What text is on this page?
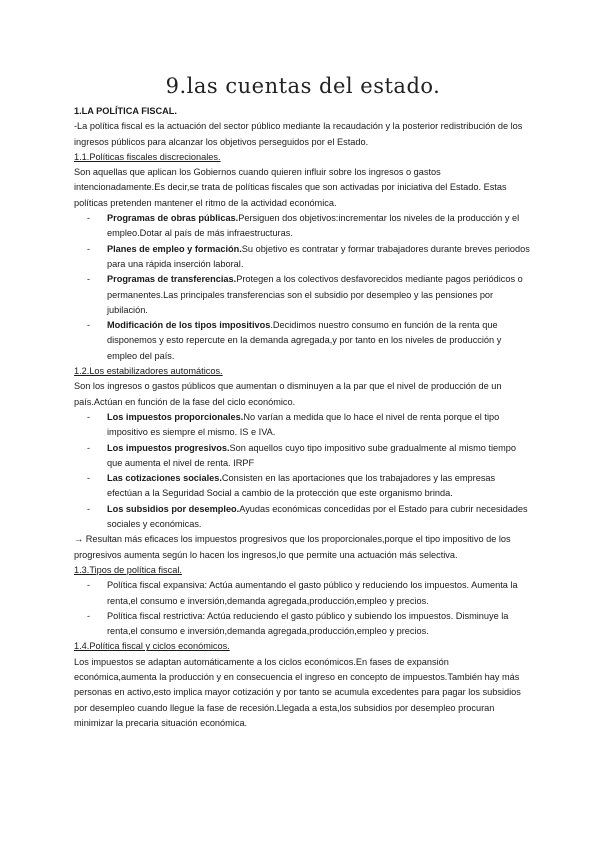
9.las cuentas del estado.

1.LA POLÍTICA FISCAL.

-La política fiscal es la actuación del sector público mediante la recaudación y la posterior redistribución de los ingresos públicos para alcanzar los objetivos perseguidos por el Estado.

1.1.Políticas fiscales discrecionales.

Son aquellas que aplican los Gobiernos cuando quieren influir sobre los ingresos o gastos intencionadamente.Es decir,se trata de políticas fiscales que son activadas por iniciativa del Estado. Estas políticas pretenden mantener el ritmo de la actividad económica.

- Programas de obras públicas.Persiguen dos objetivos:incrementar los niveles de la producción y el empleo.Dotar al país de más infraestructuras.
- Planes de empleo y formación.Su objetivo es contratar y formar trabajadores durante breves periodos para una rápida inserción laboral.
- Programas de transferencias.Protegen a los colectivos desfavorecidos mediante pagos periódicos o permanentes.Las principales transferencias son el subsidio por desempleo y las pensiones por jubilación.
- Modificación de los tipos impositivos.Decidimos nuestro consumo en función de la renta que disponemos y esto repercute en la demanda agregada,y por tanto en los niveles de producción y empleo del país.

1.2.Los estabilizadores automáticos.

Son los ingresos o gastos públicos que aumentan o disminuyen a la par que el nivel de producción de un país.Actúan en función de la fase del ciclo económico.

- Los impuestos proporcionales.No varían a medida que lo hace el nivel de renta porque el tipo impositivo es siempre el mismo. IS e IVA.
- Los impuestos progresivos.Son aquellos cuyo tipo impositivo sube gradualmente al mismo tiempo que aumenta el nivel de renta. IRPF
- Las cotizaciones sociales.Consisten en las aportaciones que los trabajadores y las empresas efectúan a la Seguridad Social a cambio de la protección que este organismo brinda.
- Los subsidios por desempleo.Ayudas económicas concedidas por el Estado para cubrir necesidades sociales y económicas.

→ Resultan más eficaces los impuestos progresivos que los proporcionales,porque el tipo impositivo de los progresivos aumenta según lo hacen los ingresos,lo que permite una actuación más selectiva.

1.3.Tipos de política fiscal.

- Política fiscal expansiva: Actúa aumentando el gasto público y reduciendo los impuestos. Aumenta la renta,el consumo e inversión,demanda agregada,producción,empleo y precios.
- Política fiscal restrictiva: Actúa reduciendo el gasto público y subiendo los impuestos. Disminuye la renta,el consumo e inversión,demanda agregada,producción,empleo y precios.

1.4.Política fiscal y ciclos económicos.

Los impuestos se adaptan automáticamente a los ciclos económicos.En fases de expansión económica,aumenta la producción y en consecuencia el ingreso en concepto de impuestos.También hay más personas en activo,esto implica mayor cotización y por tanto se acumula excedentes para pagar los subsidios por desempleo cuando llegue la fase de recesión.Llegada a esta,los subsidios por desempleo procuran minimizar la precaria situación económica.
